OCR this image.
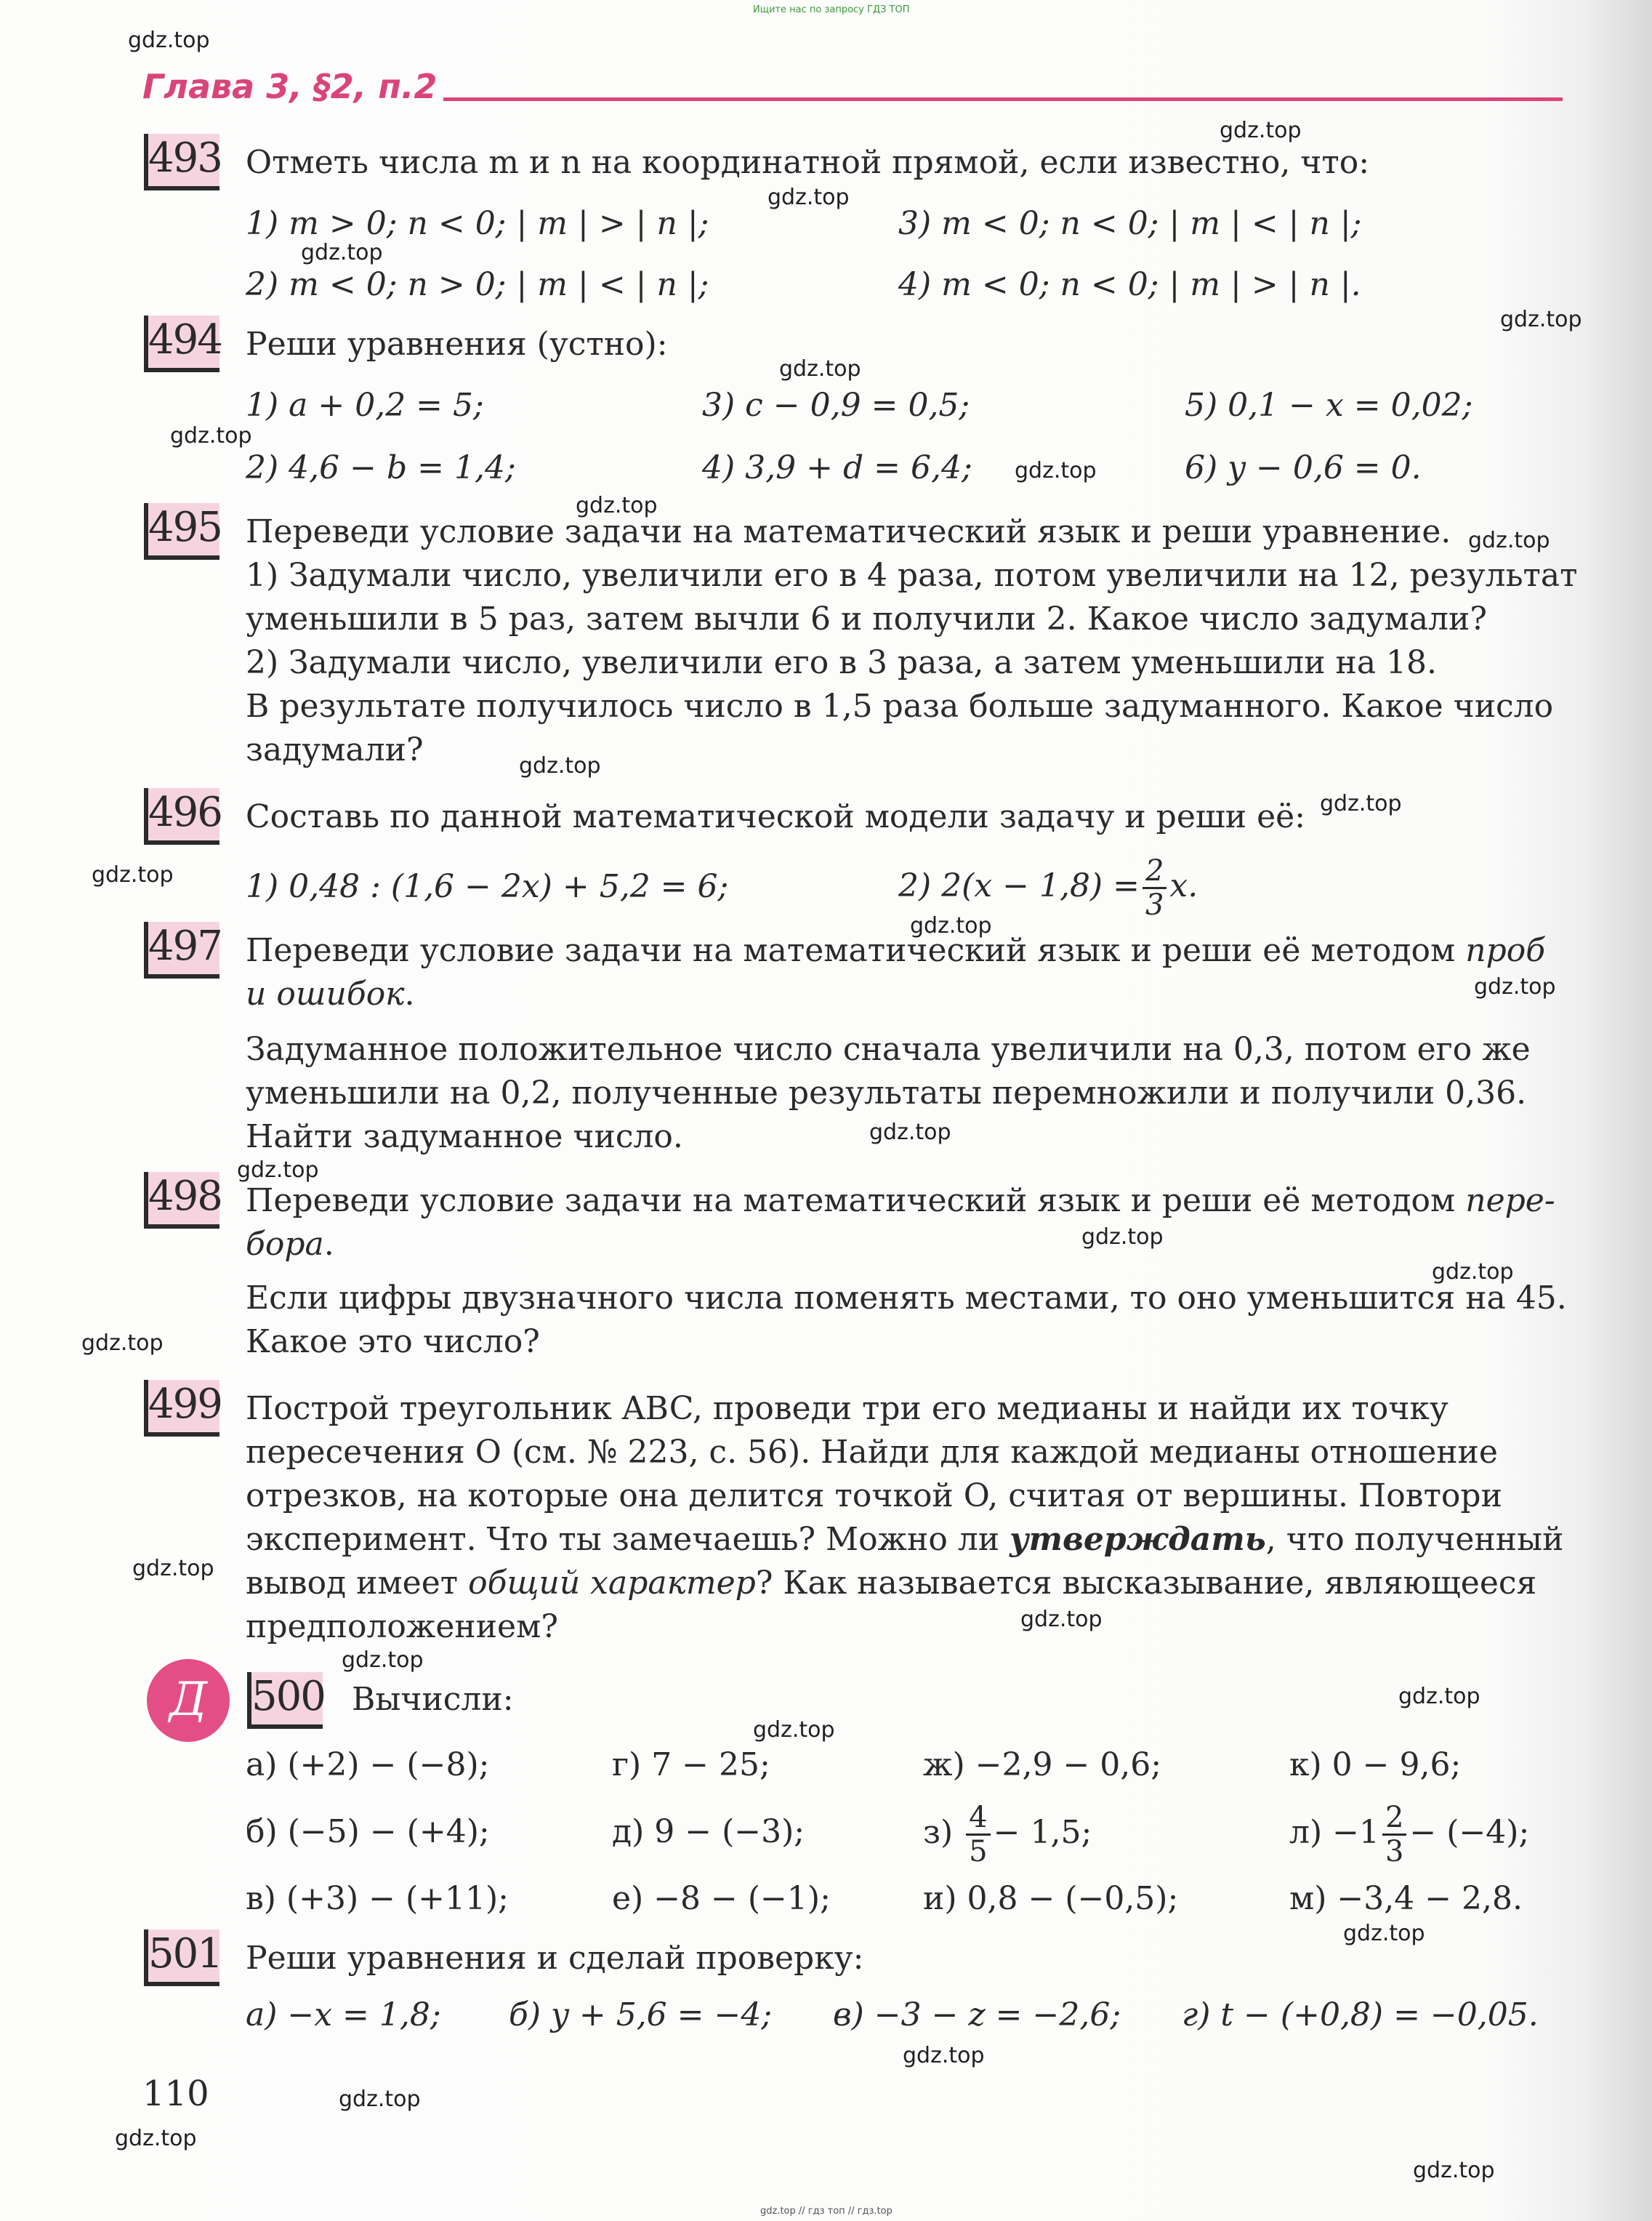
Ищите нас по запросу ГДЗ ТОП
Глава 3, §2, п.2
493 Отметь числа m и n на координатной прямой, если известно, что:
1) m > 0; n < 0; | m | > | n |;
2) m < 0; n > 0; | m | < | n |;
3) m < 0; n < 0; | m | < | n |;
4) m < 0; n < 0; | m | > | n |.
494 Реши уравнения (устно):
1) a + 0,2 = 5;
2) 4,6 − b = 1,4;
3) c − 0,9 = 0,5;
4) 3,9 + d = 6,4;
5) 0,1 − x = 0,02;
6) y − 0,6 = 0.
495 Переведи условие задачи на математический язык и реши уравнение.
1) Задумали число, увеличили его в 4 раза, потом увеличили на 12, результат
уменьшили в 5 раз, затем вычли 6 и получили 2. Какое число задумали?
2) Задумали число, увеличили его в 3 раза, а затем уменьшили на 18.
В результате получилось число в 1,5 раза больше задуманного. Какое число
задумали?
496 Составь по данной математической модели задачу и реши её:
1) 0,48 : (1,6 − 2x) + 5,2 = 6;	2) $2(x - 1,8) = \frac{2}{3} x$.
497 Переведи условие задачи на математический язык и реши её методом проб
и ошибок.
Задуманное положительное число сначала увеличили на 0,3, потом его же
уменьшили на 0,2, полученные результаты перемножили и получили 0,36.
Найти задуманное число.
498 Переведи условие задачи на математический язык и реши её методом пере-
бора.
Если цифры двузначного числа поменять местами, то оно уменьшится на 45.
Какое это число?
499 Построй треугольник ABC, проведи три его медианы и найди их точку
пересечения O (см. № 223, с. 56). Найди для каждой медианы отношение
отрезков, на которые она делится точкой O, считая от вершины. Повтори
эксперимент. Что ты замечаешь? Можно ли утверждать, что полученный
вывод имеет общий характер? Как называется высказывание, являющееся
предположением?
Д	500 Вычисли:
а) (+2) − (−8);
б) (−5) − (+4);
в) (+3) − (+11);
г) 7 − 25;
д) 9 − (−3);
е) −8 − (−1);
ж) −2,9 − 0,6;
$з) \frac{4}{5} - 1,5$;
и) 0,8 − (−0,5);
к) 0 − 9,6;
$л) -1 \frac{2}{3} - (-4)$;
м) −3,4 − 2,8.
501 Реши уравнения и сделай проверку:
а) −x = 1,8; б) y + 5,6 = −4; в) −3 − z = −2,6; г) t − (+0,8) = −0,05.
110
gdz.top
gdz.top
gdz.top
gdz.top
gdz.top
gdz.top
gdz.top
gdz.top
gdz.top
gdz.top
gdz.top
gdz.top
gdz.top
gdz.top
gdz.top
gdz.top
gdz.top
gdz.top
gdz.top
gdz.top
gdz.top
gdz.top
gdz.top
gdz.top
gdz.top
gdz.top
gdz.top
gdz.top
gdz.top
gdz.top
gdz.top // гдз топ // гдз.top
